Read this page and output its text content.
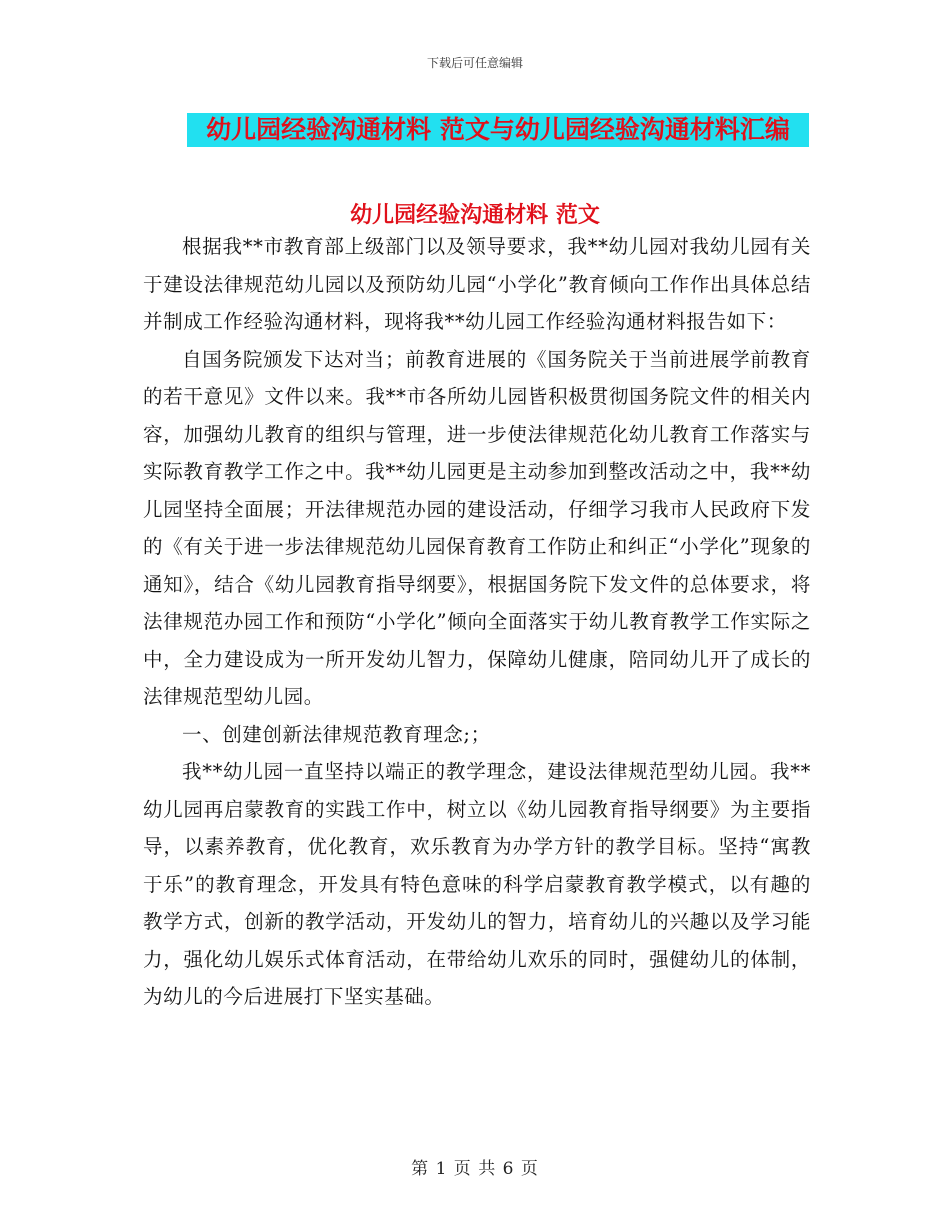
下载后可任意编辑
幼儿园经验沟通材料 范文与幼儿园经验沟通材料汇编
幼儿园经验沟通材料 范文

根据我**市教育部上级部门以及领导要求，我**幼儿园对我幼儿园有关于建设法律规范幼儿园以及预防幼儿园“小学化”教育倾向工作作出具体总结并制成工作经验沟通材料，现将我**幼儿园工作经验沟通材料报告如下：

自国务院颁发下达对当；前教育进展的《国务院关于当前进展学前教育的若干意见》文件以来。我**市各所幼儿园皆积极贯彻国务院文件的相关内容，加强幼儿教育的组织与管理，进一步使法律规范化幼儿教育工作落实与实际教育教学工作之中。我**幼儿园更是主动参加到整改活动之中，我**幼儿园坚持全面展；开法律规范办园的建设活动，仔细学习我市人民政府下发的《有关于进一步法律规范幼儿园保育教育工作防止和纠正“小学化”现象的通知》，结合《幼儿园教育指导纲要》，根据国务院下发文件的总体要求，将法律规范办园工作和预防“小学化”倾向全面落实于幼儿教育教学工作实际之中，全力建设成为一所开发幼儿智力，保障幼儿健康，陪同幼儿开了成长的法律规范型幼儿园。

一、创建创新法律规范教育理念;；

我**幼儿园一直坚持以端正的教学理念，建设法律规范型幼儿园。我**幼儿园再启蒙教育的实践工作中，树立以《幼儿园教育指导纲要》为主要指导，以素养教育，优化教育，欢乐教育为办学方针的教学目标。坚持“寓教于乐”的教育理念，开发具有特色意味的科学启蒙教育教学模式，以有趣的教学方式，创新的教学活动，开发幼儿的智力，培育幼儿的兴趣以及学习能力，强化幼儿娱乐式体育活动，在带给幼儿欢乐的同时，强健幼儿的体制，为幼儿的今后进展打下坚实基础。

第 1 页 共 6 页
